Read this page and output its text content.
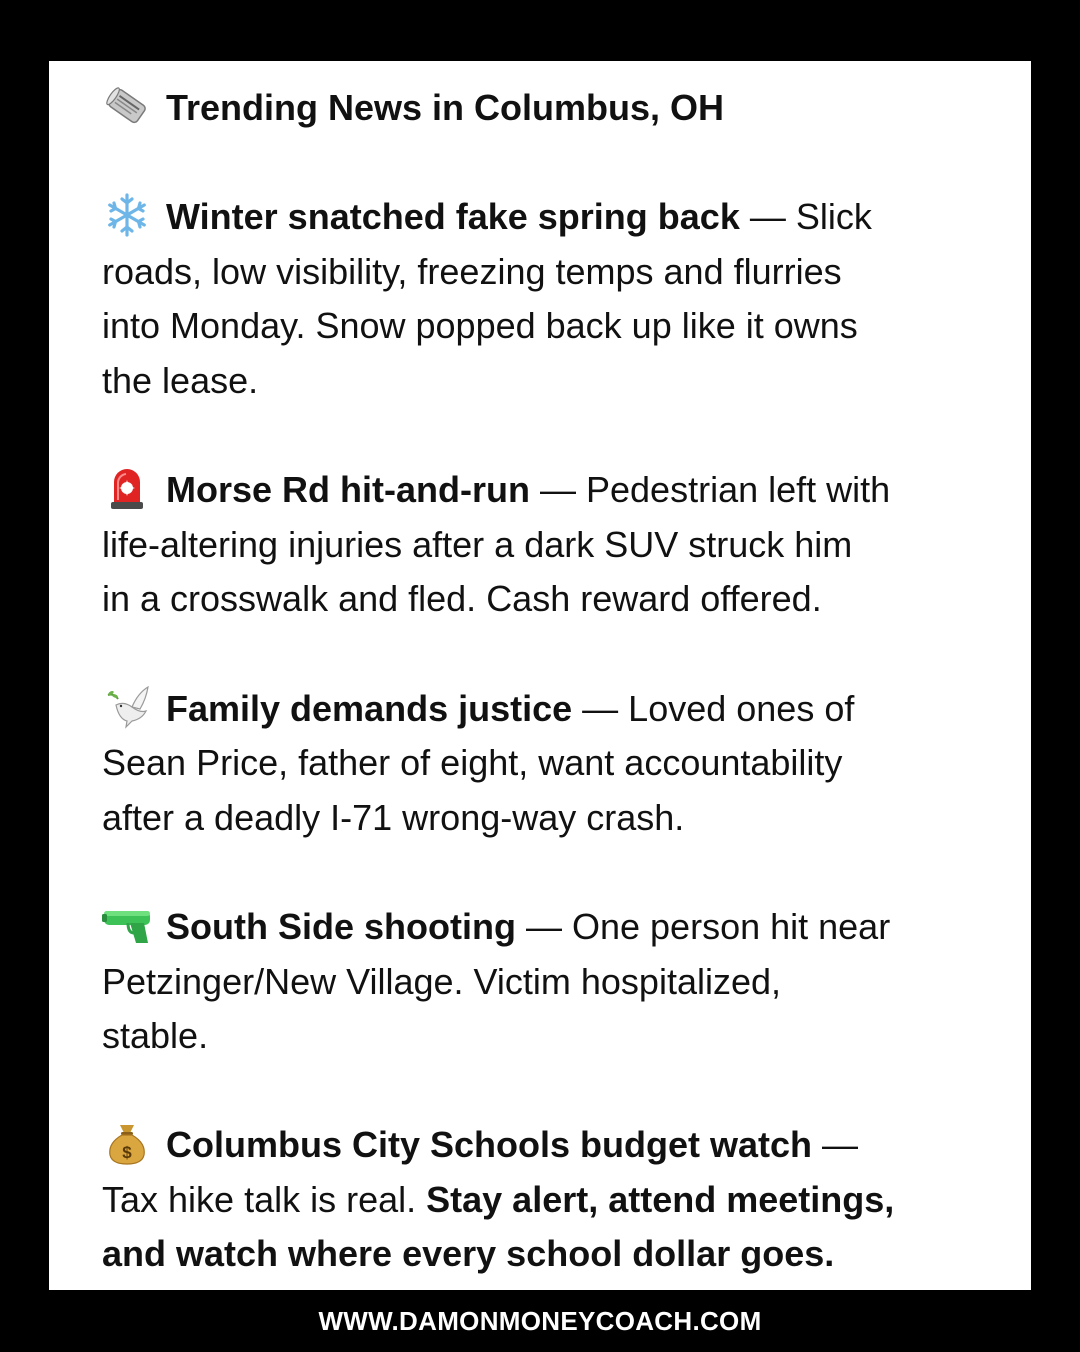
Trending News in Columbus, OH
Winter snatched fake spring back — Slick
roads, low visibility, freezing temps and flurries
into Monday. Snow popped back up like it owns
the lease.
Morse Rd hit-and-run — Pedestrian left with
life-altering injuries after a dark SUV struck him
in a crosswalk and fled. Cash reward offered.
Family demands justice — Loved ones of
Sean Price, father of eight, want accountability
after a deadly I-71 wrong-way crash.
South Side shooting — One person hit near
Petzinger/New Village. Victim hospitalized,
stable.
$ Columbus City Schools budget watch —
Tax hike talk is real. Stay alert, attend meetings,
and watch where every school dollar goes.
WWW.DAMONMONEYCOACH.COM
